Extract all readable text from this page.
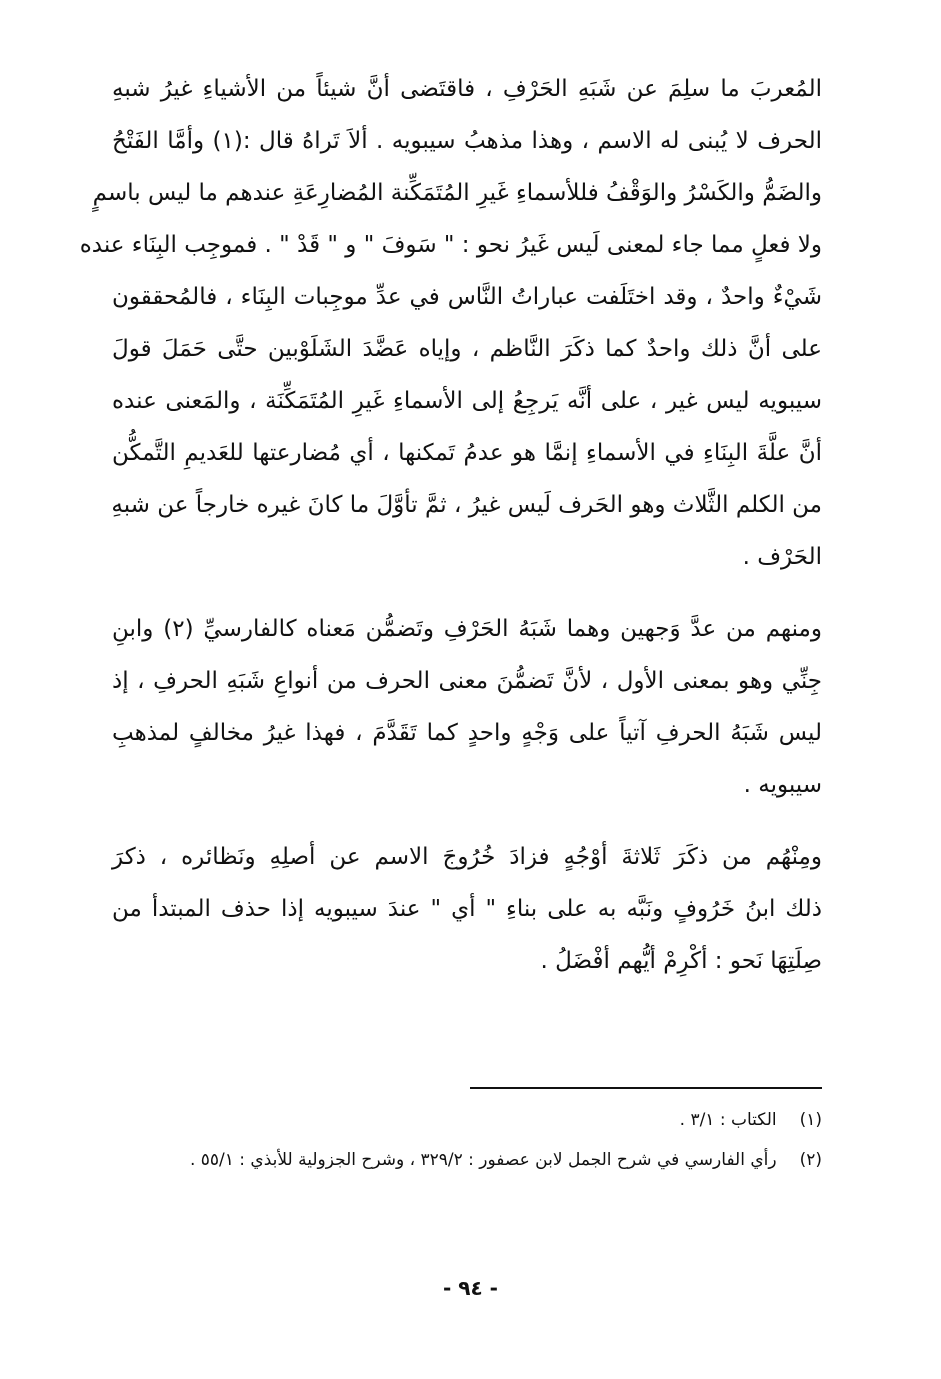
المُعربَ ما سلِمَ عن شَبَهِ الحَرْفِ ، فاقتَضى أنَّ شيئاً من الأشياءِ غيرُ شبهِ
الحرف لا يُبنى له الاسم ، وهذا مذهبُ سيبويه . ألاَ تَراهُ قال :(١) وأمَّا الفَتْحُ
والضَمُّ والكَسْرُ والوَقْفُ فللأسماءِ غَيرِ المُتَمَكِّنة المُضارِعَةِ عندهم ما ليس باسمٍ
ولا فعلٍ مما جاء لمعنى لَيس غَيرُ نحو : " سَوفَ " و " قَدْ " . فموجِب البِنَاء عنده
شَيْءٌ واحدٌ ، وقد اختَلَفت عباراتُ النَّاس في عدِّ موجِبات البِنَاء ، فالمُحققون
على أنَّ ذلك واحدٌ كما ذكَرَ النَّاظم ، وإياه عَضَّدَ الشَلَوْبين حتَّى حَمَلَ قولَ
سيبويه ليس غير ، على أنَّه يَرجِعُ إلى الأسماءِ غَيرِ المُتَمَكِّنَة ، والمَعنى عنده
أنَّ علَّةَ البِنَاءِ في الأسماءِ إنمَّا هو عدمُ تَمكنها ، أي مُضارعتها للعَديمِ التَّمكُّن
من الكلم الثَّلاث وهو الحَرف لَيس غيرُ ، ثمَّ تأوَّلَ ما كانَ غيره خارجاً عن شبهِ
الحَرْف .
ومنهم من عدَّ وَجهين وهما شَبَهُ الحَرْفِ وتَضمُّن مَعناه كالفارسيِّ (٢) وابنِ
جِنِّي وهو بمعنى الأول ، لأنَّ تَضمُّنَ معنى الحرف من أنواعِ شَبَهِ الحرفِ ، إذ
ليس شَبَهُ الحرفِ آتياً على وَجْهٍ واحدٍ كما تَقَدَّمَ ، فهذا غيرُ مخالفٍ لمذهبِ
سيبويه .
ومِنْهُم من ذكَرَ ثَلاثةَ أوْجُهٍ فزادَ خُرُوجَ الاسم عن أصلِهِ ونَظائره ، ذكرَ
ذلك ابنُ خَرُوفٍ ونَبَّه به على بناءِ " أي " عندَ سيبويه إذا حذف المبتدأ من
صِلَتِهَا نَحو : أكْرِمْ أيُّهم أفْضَلُ .
(١) الكتاب : ٣/١ .
(٢) رأي الفارسي في شرح الجمل لابن عصفور : ٣٢٩/٢ ، وشرح الجزولية للأبذي : ٥٥/١ .
- ٩٤ -
